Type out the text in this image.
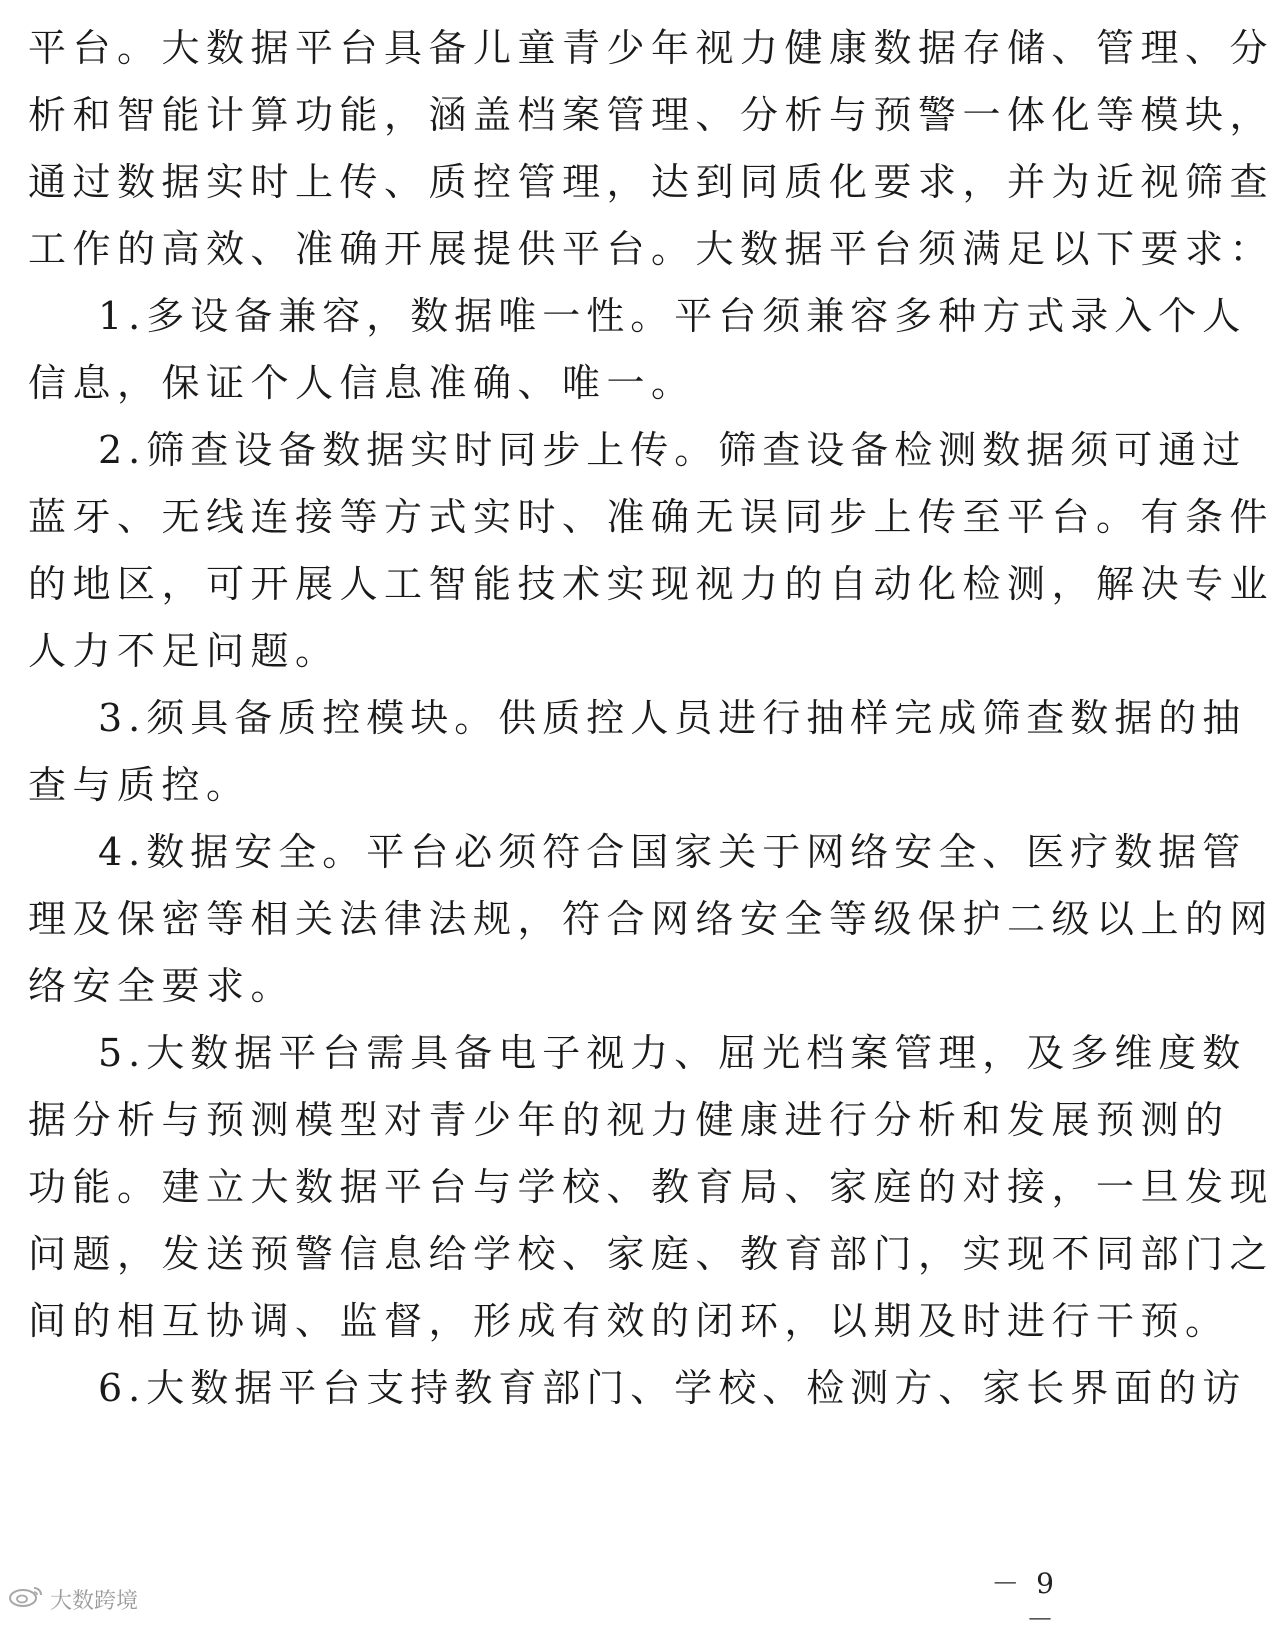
平台。大数据平台具备儿童青少年视力健康数据存储、管理、分
析和智能计算功能，涵盖档案管理、分析与预警一体化等模块，
通过数据实时上传、质控管理，达到同质化要求，并为近视筛查
工作的高效、准确开展提供平台。大数据平台须满足以下要求：
1.多设备兼容，数据唯一性。平台须兼容多种方式录入个人
信息，保证个人信息准确、唯一。
2.筛查设备数据实时同步上传。筛查设备检测数据须可通过
蓝牙、无线连接等方式实时、准确无误同步上传至平台。有条件
的地区，可开展人工智能技术实现视力的自动化检测，解决专业
人力不足问题。
3.须具备质控模块。供质控人员进行抽样完成筛查数据的抽
查与质控。
4.数据安全。平台必须符合国家关于网络安全、医疗数据管
理及保密等相关法律法规，符合网络安全等级保护二级以上的网
络安全要求。
5.大数据平台需具备电子视力、屈光档案管理，及多维度数
据分析与预测模型对青少年的视力健康进行分析和发展预测的
功能。建立大数据平台与学校、教育局、家庭的对接，一旦发现
问题，发送预警信息给学校、家庭、教育部门，实现不同部门之
间的相互协调、监督，形成有效的闭环，以期及时进行干预。
6.大数据平台支持教育部门、学校、检测方、家长界面的访
－ 9 －
大数跨境
